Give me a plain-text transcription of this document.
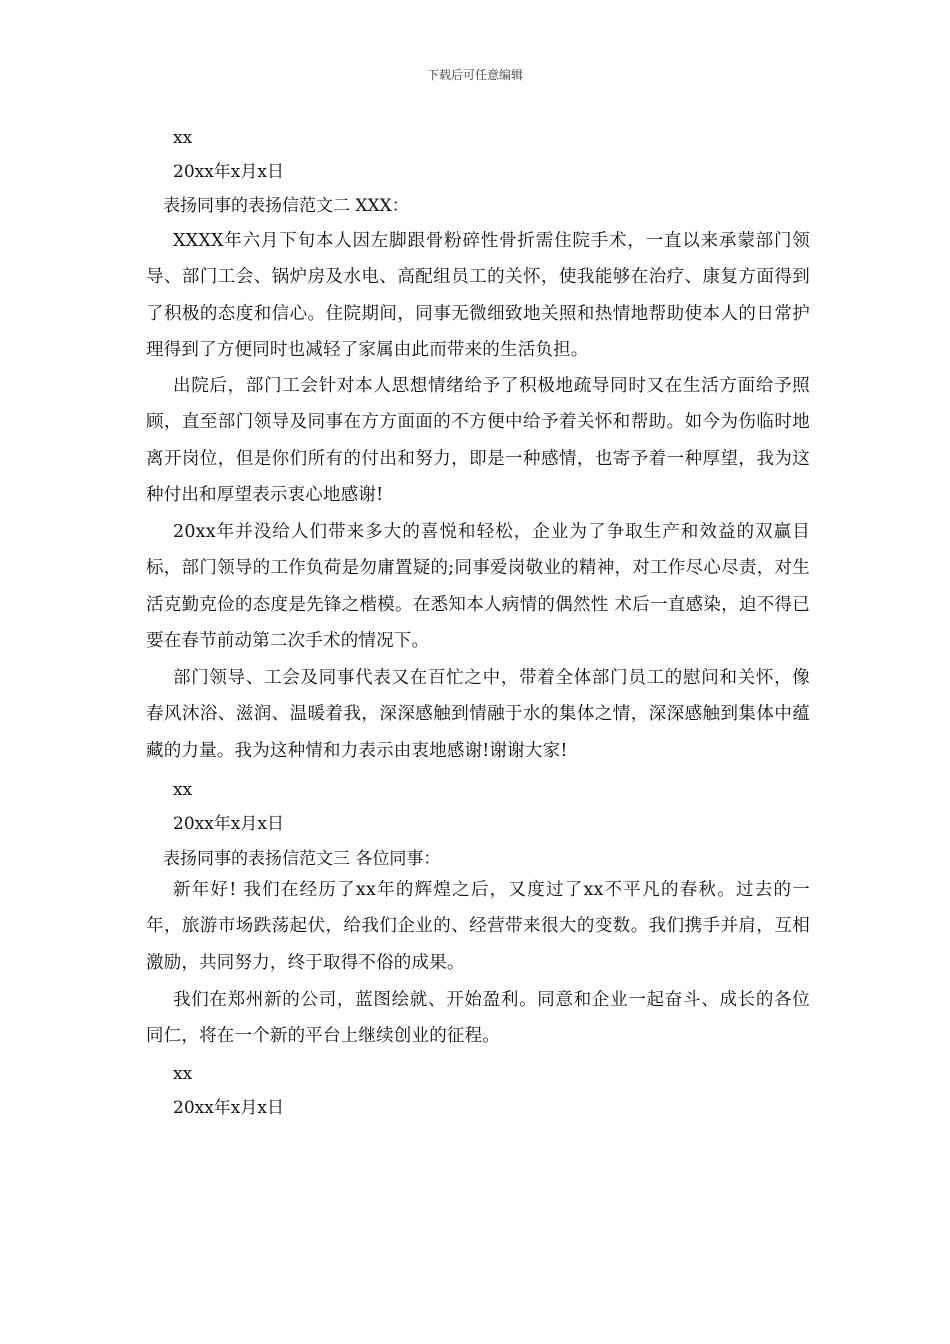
下载后可任意编辑
xx
20xx年x月x日
表扬同事的表扬信范文二 XXX：
XXXX年六月下旬本人因左脚跟骨粉碎性骨折需住院手术，一直以来承蒙部门领导、部门工会、锅炉房及水电、高配组员工的关怀，使我能够在治疗、康复方面得到了积极的态度和信心。住院期间，同事无微细致地关照和热情地帮助使本人的日常护理得到了方便同时也减轻了家属由此而带来的生活负担。
出院后，部门工会针对本人思想情绪给予了积极地疏导同时又在生活方面给予照顾，直至部门领导及同事在方方面面的不方便中给予着关怀和帮助。如今为伤临时地离开岗位，但是你们所有的付出和努力，即是一种感情，也寄予着一种厚望，我为这种付出和厚望表示衷心地感谢!
20xx年并没给人们带来多大的喜悦和轻松，企业为了争取生产和效益的双赢目标，部门领导的工作负荷是勿庸置疑的;同事爱岗敬业的精神，对工作尽心尽责，对生活克勤克俭的态度是先锋之楷模。在悉知本人病情的偶然性 术后一直感染，迫不得已要在春节前动第二次手术的情况下。
部门领导、工会及同事代表又在百忙之中，带着全体部门员工的慰问和关怀，像春风沐浴、滋润、温暖着我，深深感触到情融于水的集体之情，深深感触到集体中蕴藏的力量。我为这种情和力表示由衷地感谢!谢谢大家!
xx
20xx年x月x日
表扬同事的表扬信范文三 各位同事：
新年好! 我们在经历了xx年的辉煌之后，又度过了xx不平凡的春秋。过去的一年，旅游市场跌荡起伏，给我们企业的、经营带来很大的变数。我们携手并肩，互相激励，共同努力，终于取得不俗的成果。
我们在郑州新的公司，蓝图绘就、开始盈利。同意和企业一起奋斗、成长的各位同仁，将在一个新的平台上继续创业的征程。
xx
20xx年x月x日
